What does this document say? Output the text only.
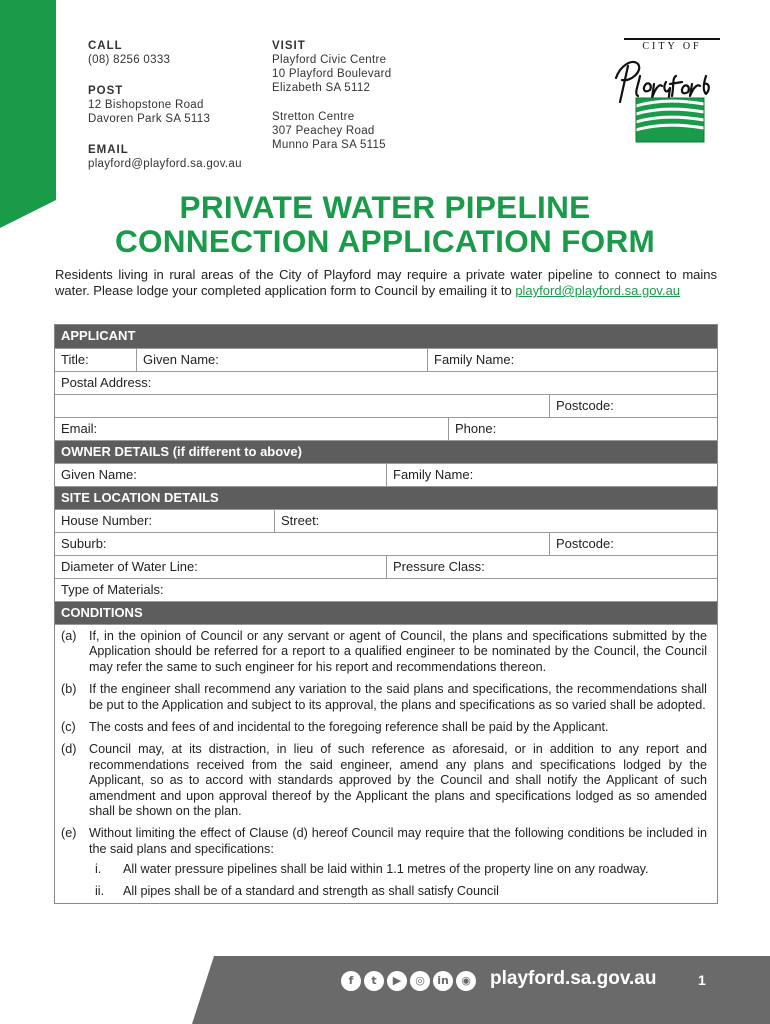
CALL
(08) 8256 0333
POST
12 Bishopstone Road
Davoren Park SA 5113
EMAIL
playford@playford.sa.gov.au
VISIT
Playford Civic Centre
10 Playford Boulevard
Elizabeth SA 5112
Stretton Centre
307 Peachey Road
Munno Para SA 5115
CITY OF
PRIVATE WATER PIPELINE
CONNECTION APPLICATION FORM
Residents living in rural areas of the City of Playford may require a private water pipeline to connect to mains water. Please lodge your completed application form to Council by emailing it to playford@playford.sa.gov.au
APPLICANT
Title:	Given Name:	Family Name:
Postal Address:
Postcode:
Email:	Phone:
OWNER DETAILS (if different to above)
Given Name:	Family Name:
SITE LOCATION DETAILS
House Number:	Street:
Suburb:	Postcode:
Diameter of Water Line:	Pressure Class:
Type of Materials:
CONDITIONS
(a) If, in the opinion of Council or any servant or agent of Council, the plans and specifications submitted by the Application should be referred for a report to a qualified engineer to be nominated by the Council, the Council may refer the same to such engineer for his report and recommendations thereon.
(b) If the engineer shall recommend any variation to the said plans and specifications, the recommendations shall be put to the Application and subject to its approval, the plans and specifications as so varied shall be adopted.
(c)	The costs and fees of and incidental to the foregoing reference shall be paid by the Applicant.
(d) Council may, at its distraction, in lieu of such reference as aforesaid, or in addition to any report and recommendations received from the said engineer, amend any plans and specifications lodged by the Applicant, so as to accord with standards approved by the Council and shall notify the Applicant of such amendment and upon approval thereof by the Applicant the plans and specifications lodged as so amended shall be shown on the plan.
(e) Without limiting the effect of Clause (d) hereof Council may require that the following conditions be included in the said plans and specifications:
i.	All water pressure pipelines shall be laid within 1.1 metres of the property line on any roadway.
ii.	All pipes shall be of a standard and strength as shall satisfy Council
f	t	▶	◎	in	◉ playford.sa.gov.au	1
